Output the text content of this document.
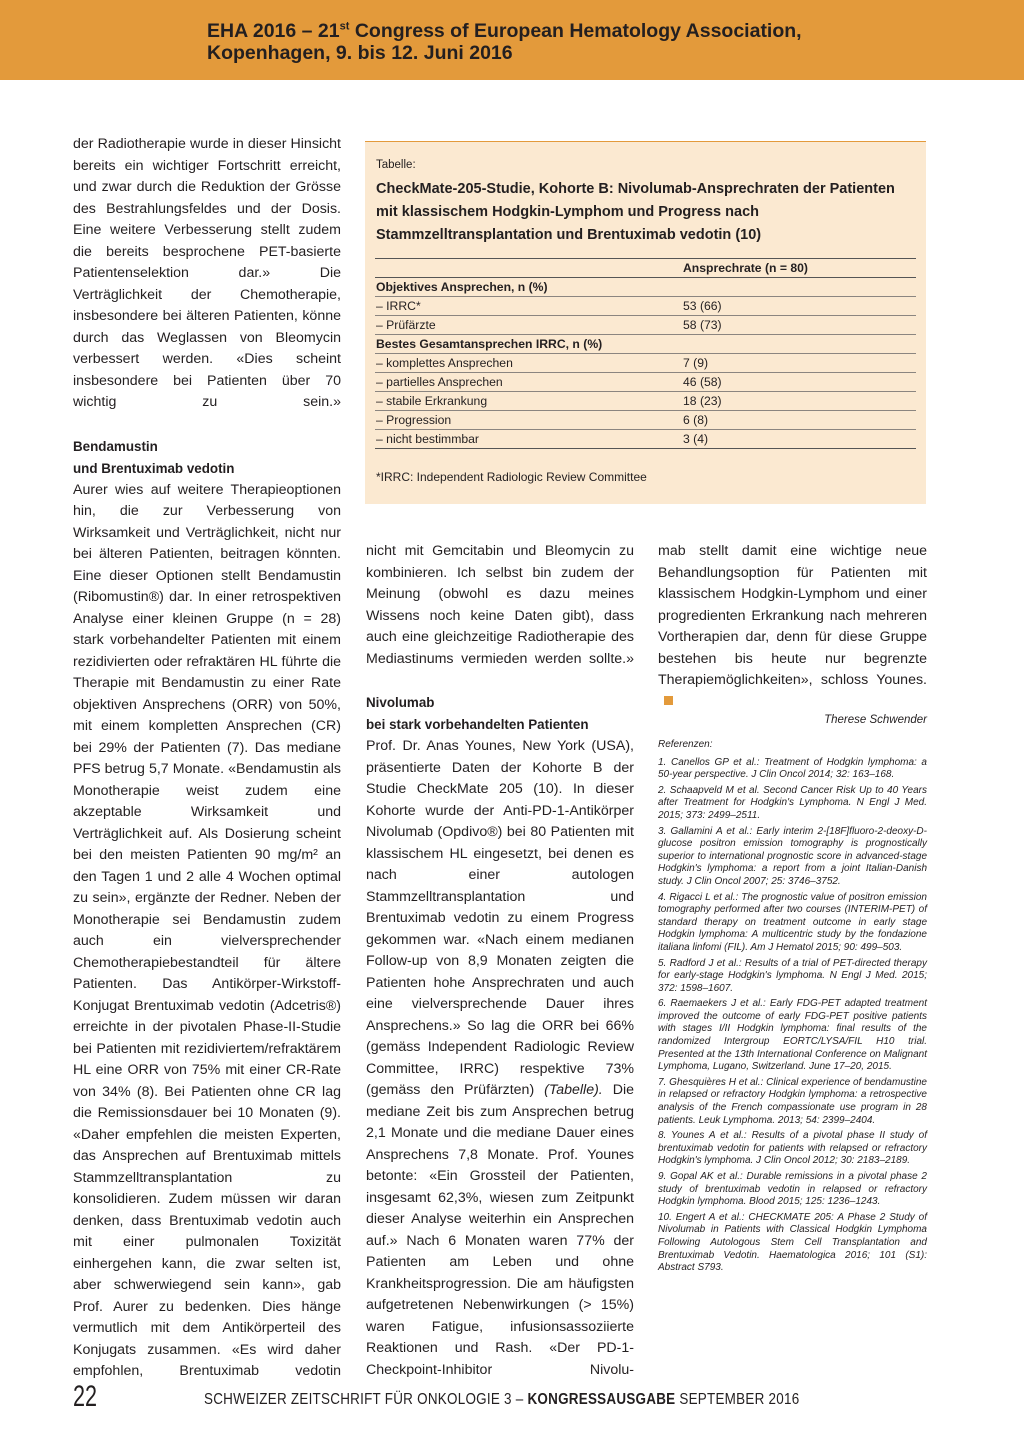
EHA 2016 – 21st Congress of European Hematology Association,
Kopenhagen, 9. bis 12. Juni 2016

der Radiotherapie wurde in dieser Hinsicht bereits ein wichtiger Fortschritt erreicht, und zwar durch die Reduktion der Grösse des Bestrahlungsfeldes und der Dosis. Eine weitere Verbesserung stellt zudem die bereits besprochene PET-basierte Patientenselektion dar.» Die Verträglichkeit der Chemotherapie, insbesondere bei älteren Patienten, könne durch das Weglassen von Bleomycin verbessert werden. «Dies scheint insbesondere bei Patienten über 70 wichtig zu sein.»

Bendamustin
und Brentuximab vedotin

Aurer wies auf weitere Therapieoptionen hin, die zur Verbesserung von Wirksamkeit und Verträglichkeit, nicht nur bei älteren Patienten, beitragen könnten. Eine dieser Optionen stellt Bendamustin (Ribomustin®) dar. In einer retrospektiven Analyse einer kleinen Gruppe (n = 28) stark vorbehandelter Patienten mit einem rezidivierten oder refraktären HL führte die Therapie mit Bendamustin zu einer Rate objektiven Ansprechens (ORR) von 50%, mit einem kompletten Ansprechen (CR) bei 29% der Patienten (7). Das mediane PFS betrug 5,7 Monate. «Bendamustin als Monotherapie weist zudem eine akzeptable Wirksamkeit und Verträglichkeit auf. Als Dosierung scheint bei den meisten Patienten 90 mg/m² an den Tagen 1 und 2 alle 4 Wochen optimal zu sein», ergänzte der Redner. Neben der Monotherapie sei Bendamustin zudem auch ein vielversprechender Chemotherapiebestandteil für ältere Patienten. Das Antikörper-Wirkstoff-Konjugat Brentuximab vedotin (Adcetris®) erreichte in der pivotalen Phase-II-Studie bei Patienten mit rezidiviertem/refraktärem HL eine ORR von 75% mit einer CR-Rate von 34% (8). Bei Patienten ohne CR lag die Remissionsdauer bei 10 Monaten (9). «Daher empfehlen die meisten Experten, das Ansprechen auf Brentuximab mittels Stammzelltransplantation zu konsolidieren. Zudem müssen wir daran denken, dass Brentuximab vedotin auch mit einer pulmonalen Toxizität einhergehen kann, die zwar selten ist, aber schwerwiegend sein kann», gab Prof. Aurer zu bedenken. Dies hänge vermutlich mit dem Antikörperteil des Konjugats zusammen. «Es wird daher empfohlen, Brentuximab vedotin

Tabelle:
CheckMate-205-Studie, Kohorte B: Nivolumab-Ansprechraten der Patienten mit klassischem Hodgkin-Lymphom und Progress nach Stammzelltransplantation und Brentuximab vedotin (10)
	Ansprechrate (n = 80)
Objektives Ansprechen, n (%)	
– IRRC*	53 (66)
– Prüfärzte	58 (73)
Bestes Gesamtansprechen IRRC, n (%)	
– komplettes Ansprechen	7 (9)
– partielles Ansprechen	46 (58)
– stabile Erkrankung	18 (23)
– Progression	6 (8)
– nicht bestimmbar	3 (4)
*IRRC: Independent Radiologic Review Committee

nicht mit Gemcitabin und Bleomycin zu kombinieren. Ich selbst bin zudem der Meinung (obwohl es dazu meines Wissens noch keine Daten gibt), dass auch eine gleichzeitige Radiotherapie des Mediastinums vermieden werden sollte.»

Nivolumab
bei stark vorbehandelten Patienten

Prof. Dr. Anas Younes, New York (USA), präsentierte Daten der Kohorte B der Studie CheckMate 205 (10). In dieser Kohorte wurde der Anti-PD-1-Antikörper Nivolumab (Opdivo®) bei 80 Patienten mit klassischem HL eingesetzt, bei denen es nach einer autologen Stammzelltransplantation und Brentuximab vedotin zu einem Progress gekommen war. «Nach einem medianen Follow-up von 8,9 Monaten zeigten die Patienten hohe Ansprechraten und auch eine vielversprechende Dauer ihres Ansprechens.» So lag die ORR bei 66% (gemäss Independent Radiologic Review Committee, IRRC) respektive 73% (gemäss den Prüfärzten) (Tabelle). Die mediane Zeit bis zum Ansprechen betrug 2,1 Monate und die mediane Dauer eines Ansprechens 7,8 Monate. Prof. Younes betonte: «Ein Grossteil der Patienten, insgesamt 62,3%, wiesen zum Zeitpunkt dieser Analyse weiterhin ein Ansprechen auf.» Nach 6 Monaten waren 77% der Patienten am Leben und ohne Krankheitsprogression. Die am häufigsten aufgetretenen Nebenwirkungen (> 15%) waren Fatigue, infusionsassoziierte Reaktionen und Rash. «Der PD-1-Checkpoint-Inhibitor Nivolu-

mab stellt damit eine wichtige neue Behandlungsoption für Patienten mit klassischem Hodgkin-Lymphom und einer progredienten Erkrankung nach mehreren Vortherapien dar, denn für diese Gruppe bestehen bis heute nur begrenzte Therapiemöglichkeiten», schloss Younes.

Therese Schwender

Referenzen:
1. Canellos GP et al.: Treatment of Hodgkin lymphoma: a 50-year perspective. J Clin Oncol 2014; 32: 163–168.
2. Schaapveld M et al. Second Cancer Risk Up to 40 Years after Treatment for Hodgkin's Lymphoma. N Engl J Med. 2015; 373: 2499–2511.
3. Gallamini A et al.: Early interim 2-[18F]fluoro-2-deoxy-D-glucose positron emission tomography is prognostically superior to international prognostic score in advanced-stage Hodgkin's lymphoma: a report from a joint Italian-Danish study. J Clin Oncol 2007; 25: 3746–3752.
4. Rigacci L et al.: The prognostic value of positron emission tomography performed after two courses (INTERIM-PET) of standard therapy on treatment outcome in early stage Hodgkin lymphoma: A multicentric study by the fondazione italiana linfomi (FIL). Am J Hematol 2015; 90: 499–503.
5. Radford J et al.: Results of a trial of PET-directed therapy for early-stage Hodgkin's lymphoma. N Engl J Med. 2015; 372: 1598–1607.
6. Raemaekers J et al.: Early FDG-PET adapted treatment improved the outcome of early FDG-PET positive patients with stages I/II Hodgkin lymphoma: final results of the randomized Intergroup EORTC/LYSA/FIL H10 trial. Presented at the 13th International Conference on Malignant Lymphoma, Lugano, Switzerland. June 17–20, 2015.
7. Ghesquières H et al.: Clinical experience of bendamustine in relapsed or refractory Hodgkin lymphoma: a retrospective analysis of the French compassionate use program in 28 patients. Leuk Lymphoma. 2013; 54: 2399–2404.
8. Younes A et al.: Results of a pivotal phase II study of brentuximab vedotin for patients with relapsed or refractory Hodgkin's lymphoma. J Clin Oncol 2012; 30: 2183–2189.
9. Gopal AK et al.: Durable remissions in a pivotal phase 2 study of brentuximab vedotin in relapsed or refractory Hodgkin lymphoma. Blood 2015; 125: 1236–1243.
10. Engert A et al.: CHECKMATE 205: A Phase 2 Study of Nivolumab in Patients with Classical Hodgkin Lymphoma Following Autologous Stem Cell Transplantation and Brentuximab Vedotin. Haematologica 2016; 101 (S1): Abstract S793.
22	SCHWEIZER ZEITSCHRIFT FÜR ONKOLOGIE 3 – KONGRESSAUSGABE SEPTEMBER 2016
